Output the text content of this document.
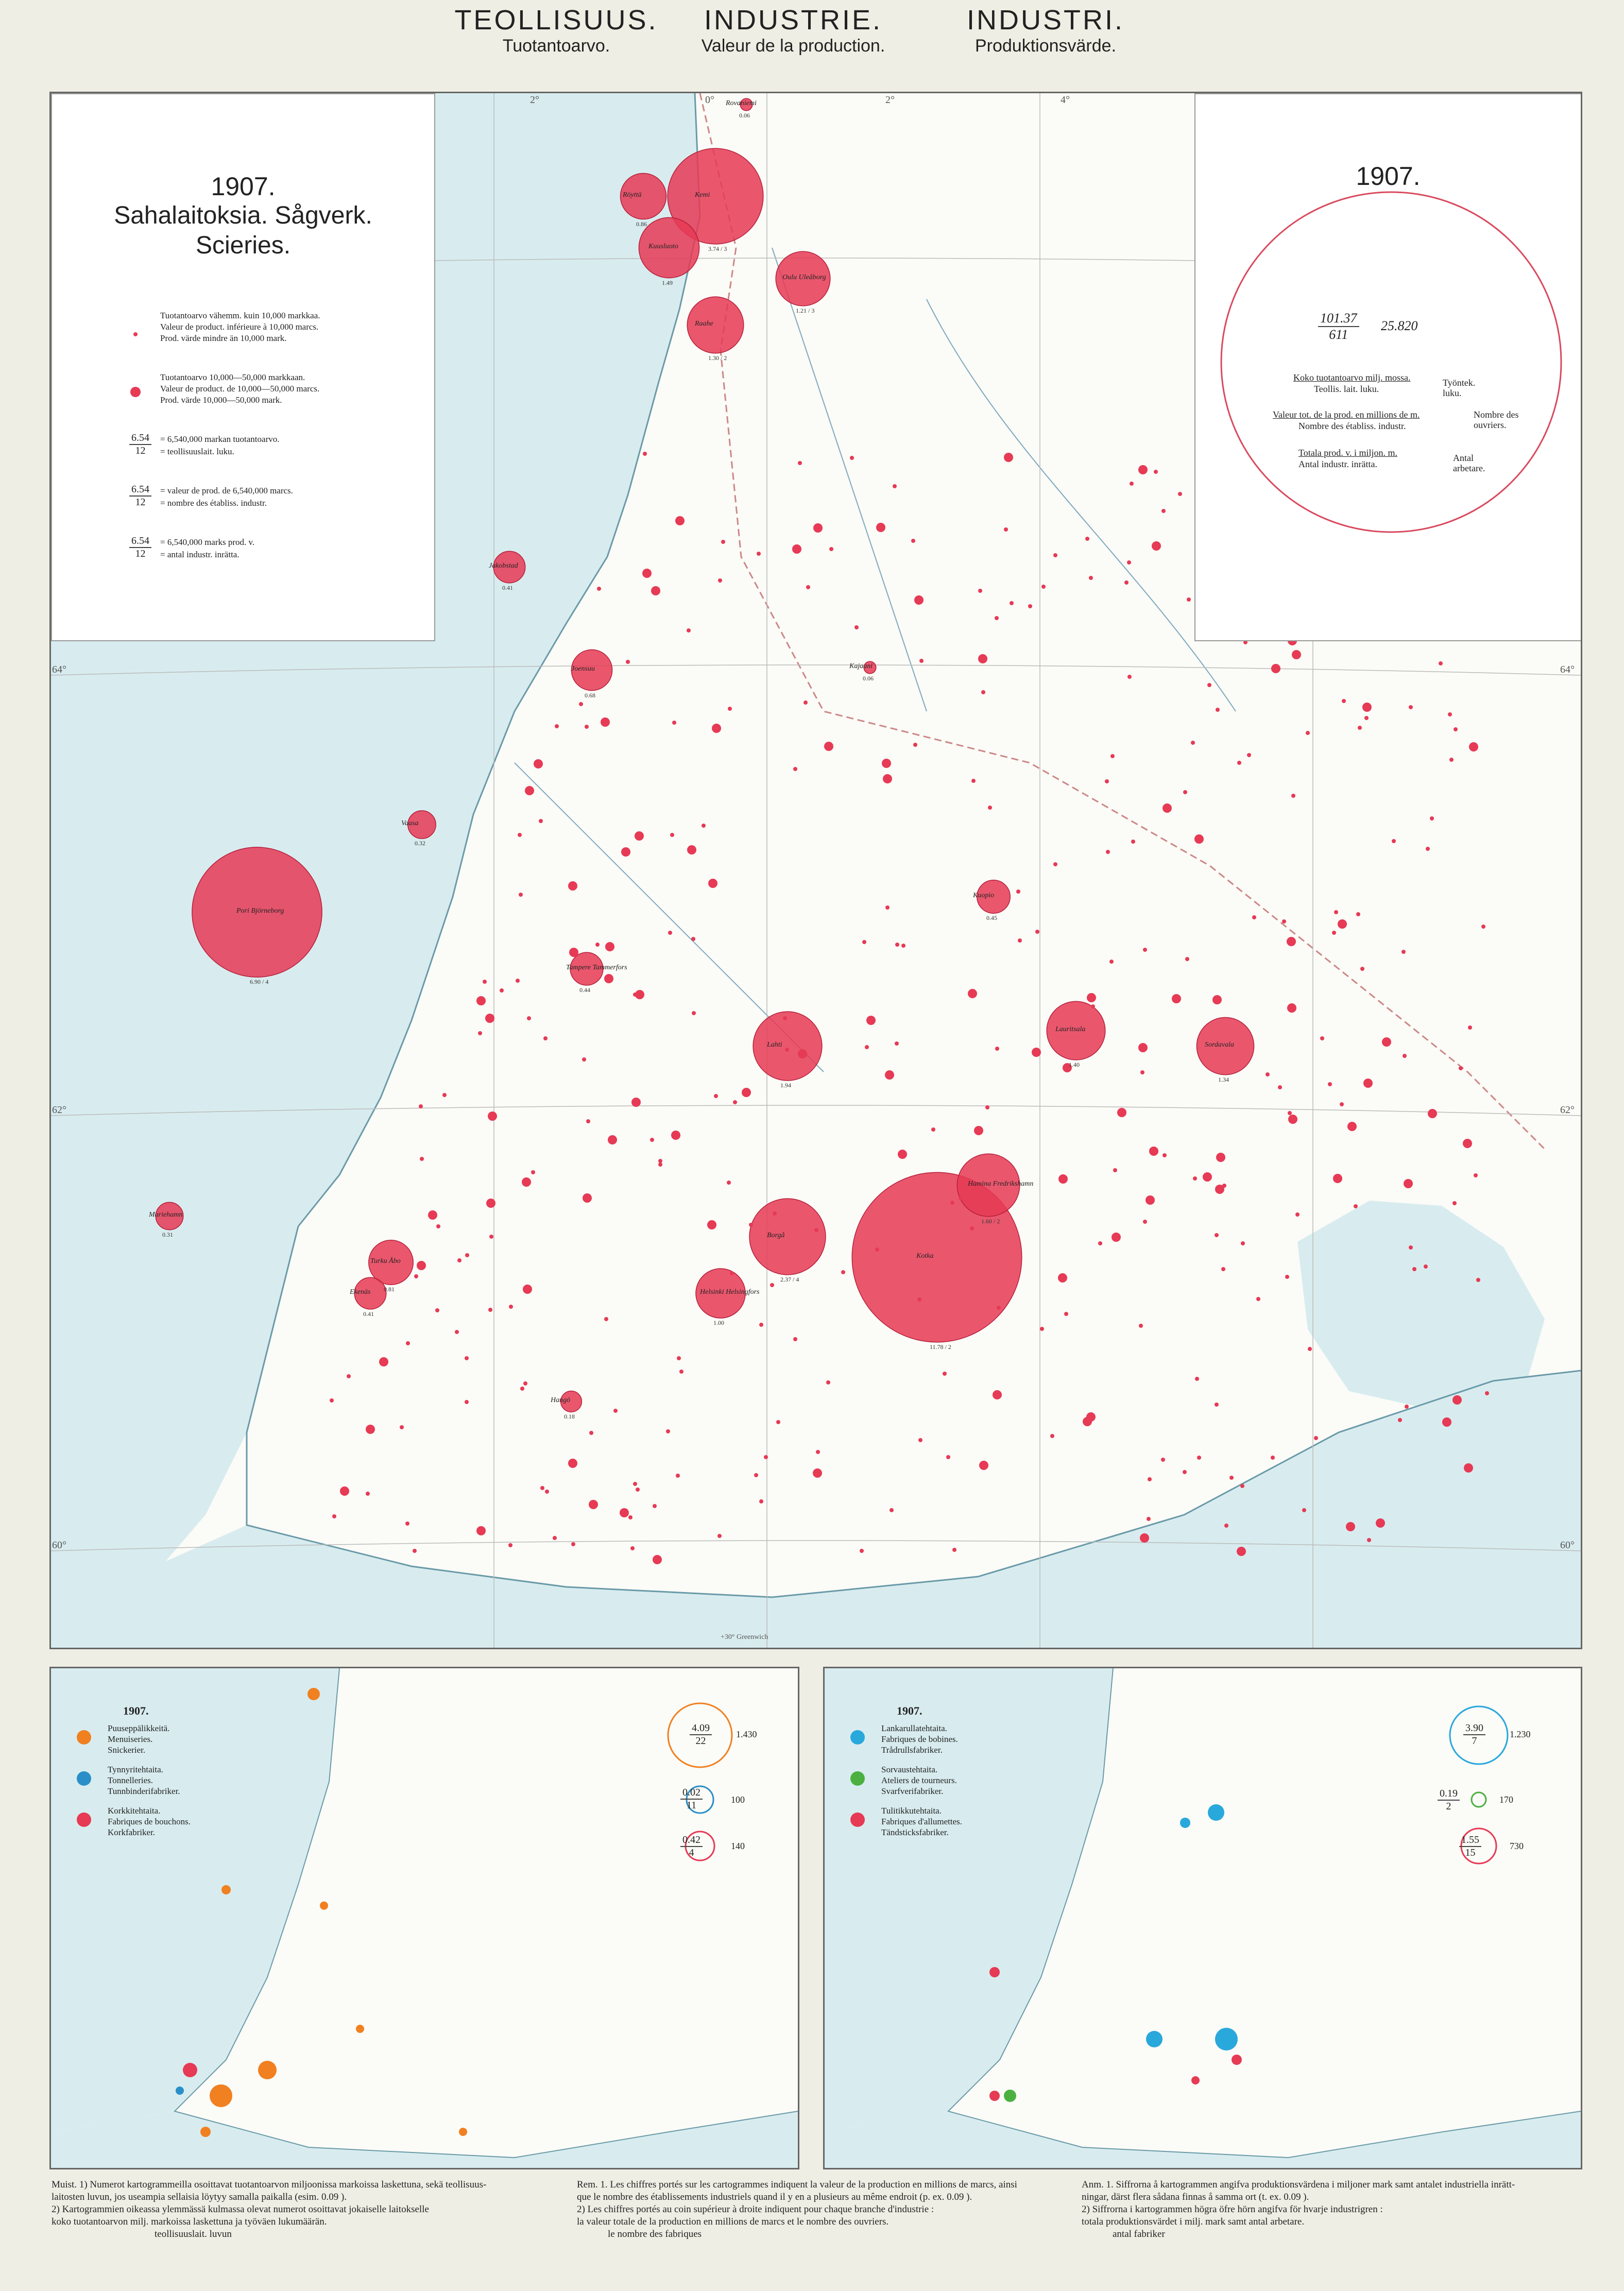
TEOLLISUUS.
Tuotantoarvo.
INDUSTRIE.
Valeur de la production.
INDUSTRI.
Produktionsvärde.
64°
62°
60°
64°
62°
60°
2°	0°	2°	4°
+30° Greenwich
1907.
Sahalaitoksia. Sågverk.
Scieries.
Tuotantoarvo vähemm. kuin 10,000 markkaa.
Valeur de product. inférieure à 10,000 marcs.
Prod. värde mindre än 10,000 mark.
Tuotantoarvo 10,000—50,000 markkaan.
Valeur de product. de 10,000—50,000 marcs.
Prod. värde 10,000—50,000 mark.
$\frac{6.54}{12} = 6,540,000$ markan tuotantoarvo.
= teollisuuslait. luku.
$\frac{6.54}{12}$ = valeur de prod. de 6,540,000 marcs.
= nombre des établiss. industr.
$\frac{6.54}{12} = 6,540,000$ marks prod. v.
= antal industr. inrätta.
1907.
$\frac{101.37}{611} 25.820$
Koko tuotantoarvo milj. mossa.
Teollis. lait. luku.
Työntek. luku.
Valeur tot. de la prod. en millions de m.
Nombre des établiss. industr.
Nombre des ouvriers.
Totala prod. v. i miljon. m.
Antal industr. inrätta.
Antal arbetare.
Kemi
3.74 / 3
Röyttä
0.86
Kuusluoto
1.49
Oulu Uleåborg
1.21 / 3
Raahe
1.30 / 2
Jakobstad
0.41
Pori Björneborg
6.90 / 4
Kotka
11.78 / 2
Hamina Fredrikshamn
1.60 / 2
Borgå
2.37 / 4
Lahti
1.94
Lauritsala
1.40
Sordavala
1.34
Turku Åbo
0.81	Helsinki Helsingfors
1.00
Mariehamn
0.31
Kajaani
0.06
Rovaniemi
0.06
Joensuu
0.68
Kuopio
0.45
Tampere Tammerfors
0.44
Vaasa
0.32
Ekenäs
0.41
Hangö
0.18
1907.
Puuseppälikkeitä.
Menuiseries.
Snickerier.
Tynnyritehtaita.
Tonnelleries.
Tunnbinderifabriker.
Korkkitehtaita.
Fabriques de bouchons.
Korkfabriker.
$\frac{4.09}{22}$	1.430
$\frac{0.02}{11}$	100
$\frac{0.42}{4}$	140
1907.
Lankarullatehtaita.
Fabriques de bobines.
Trådrullsfabriker.
Sorvaustehtaita.
Ateliers de tourneurs.
Svarfverifabriker.
Tulitikkutehtaita.
Fabriques d'allumettes.
Tändsticksfabriker.
$\frac{3.90}{7}$	1.230
$\frac{0.19}{2}$	170
$\frac{1.55}{15}$	730
Muist. 1) Numerot kartogrammeilla osoittavat tuotantoarvon miljoonissa markoissa laskettuna, sekä teollisuus-
laitosten luvun, jos useampia sellaisia löytyy samalla paikalla (esim. 0.09 ).
2) Kartogrammien oikeassa ylemmässä kulmassa olevat numerot osoittavat jokaiselle laitokselle
koko tuotantoarvon milj. markoissa laskettuna ja työväen lukumäärän.
teollisuuslait. luvun
Rem. 1. Les chiffres portés sur les cartogrammes indiquent la valeur de la production en millions de marcs, ainsi
que le nombre des établissements industriels quand il y en a plusieurs au même endroit (p. ex. 0.09 ).
2) Les chiffres portés au coin supérieur à droite indiquent pour chaque branche d'industrie :
la valeur totale de la production en millions de marcs et le nombre des ouvriers.
le nombre des fabriques
Anm. 1. Siffrorna å kartogrammen angifva produktionsvärdena i miljoner mark samt antalet industriella inrätt-
ningar, därst flera sådana finnas å samma ort (t. ex. 0.09 ).
2) Siffrorna i kartogrammen högra öfre hörn angifva för hvarje industrigren :
totala produktionsvärdet i milj. mark samt antal arbetare.
antal fabriker
